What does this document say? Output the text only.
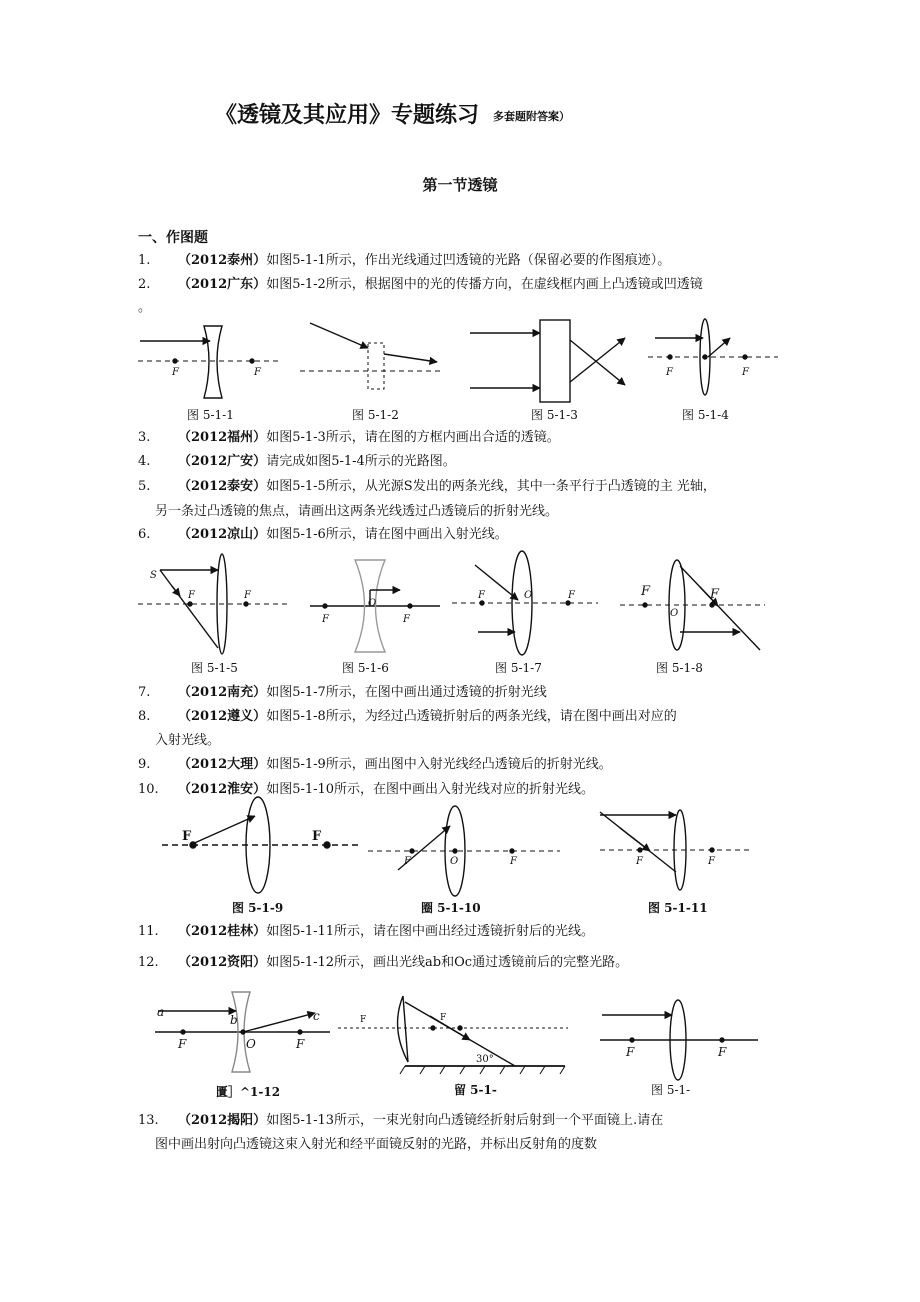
《透镜及其应用》专题练习 多套题附答案）
第一节透镜
一、作图题
1. （2012泰州）如图5-1-1所示，作出光线通过凹透镜的光路（保留必要的作图痕迹）。
2. （2012广东）如图5-1-2所示，根据图中的光的传播方向，在虚线框内画上凸透镜或凹透镜
。
3. （2012福州）如图5-1-3所示，请在图的方框内画出合适的透镜。
4. （2012广安）请完成如图5-1-4所示的光路图。
5. （2012泰安）如图5-1-5所示，从光源S发出的两条光线，其中一条平行于凸透镜的主 光轴，
另一条过凸透镜的焦点，请画出这两条光线透过凸透镜后的折射光线。
6. （2012凉山）如图5-1-6所示，请在图中画出入射光线。
7. （2012南充）如图5-1-7所示，在图中画出通过透镜的折射光线
8. （2012遵义）如图5-1-8所示，为经过凸透镜折射后的两条光线，请在图中画出对应的
入射光线。
9. （2012大理）如图5-1-9所示，画出图中入射光线经凸透镜后的折射光线。
10. （2012淮安）如图5-1-10所示，在图中画出入射光线对应的折射光线。
11. （2012桂林）如图5-1-11所示，请在图中画出经过透镜折射后的光线。
12. （2012资阳）如图5-1-12所示，画出光线ab和Oc通过透镜前后的完整光路。
13. （2012揭阳）如图5-1-13所示，一束光射向凸透镜经折射后射到一个平面镜上.请在
图中画出射向凸透镜这束入射光和经平面镜反射的光路，并标出反射角的度数
F	F	F	F
S
F	F
F
O
F
F	O	F	F
O
F
F	F
F	O	F	F	F
a
b	c
F	O	F
F	F
30°
F	F
图 5-1-1	图 5-1-2	图 5-1-3	图 5-1-4
图 5-1-5	图 5-1-6	图 5-1-7	图 5-1-8
图 5-1-9	圈 5-1-10	图 5-1-11
匱］^1-12	留 5-1-	图 5-1-
